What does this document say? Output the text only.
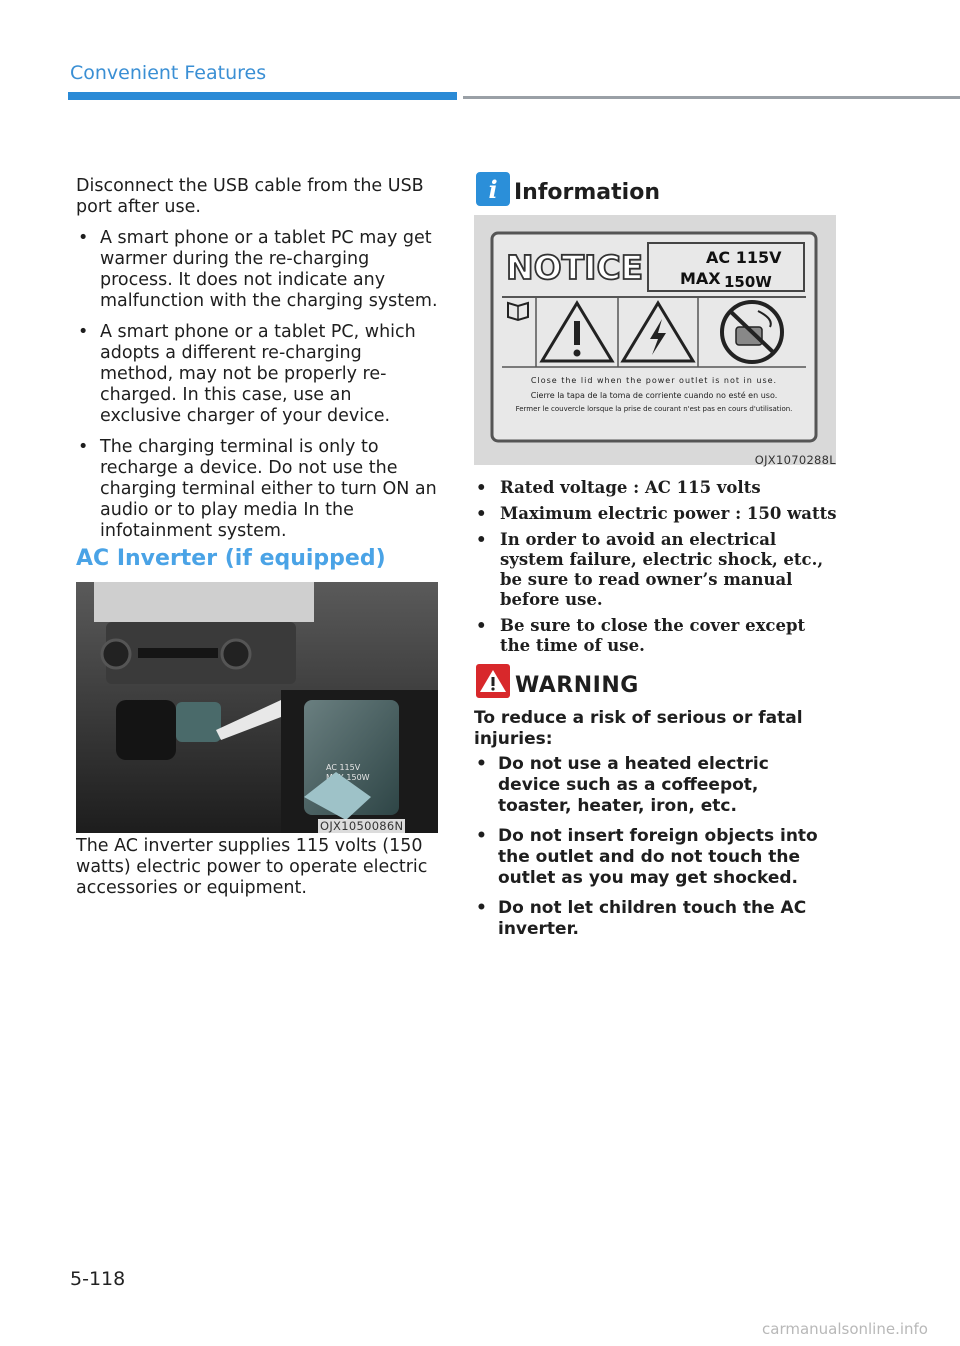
Convenient Features
Disconnect the USB cable from the USB port after use.
• A smart phone or a tablet PC may get warmer during the re-charging process. It does not indicate any malfunction with the charging system.
• A smart phone or a tablet PC, which adopts a different re-charging method, may not be properly re-charged. In this case, use an exclusive charger of your device.
• The charging terminal is only to recharge a device. Do not use the charging terminal either to turn ON an audio or to play media In the infotainment system.
AC Inverter (if equipped)
AC 115V
MAX 150W
OJX1050086N
The AC inverter supplies 115 volts (150 watts) electric power to operate electric accessories or equipment.
i Information
NOTICE	AC 115V
MAX 150W
Close the lid when the power outlet is not in use.
Cierre la tapa de la toma de corriente cuando no esté en uso.
Fermer le couvercle lorsque la prise de courant n'est pas en cours d'utilisation.
OJX1070288L
• Rated voltage : AC 115 volts
• Maximum electric power : 150 watts
• In order to avoid an electrical system failure, electric shock, etc., be sure to read owner’s manual before use.
• Be sure to close the cover except the time of use.
WARNING
To reduce a risk of serious or fatal injuries:
• Do not use a heated electric device such as a coffeepot, toaster, heater, iron, etc.
• Do not insert foreign objects into the outlet and do not touch the outlet as you may get shocked.
• Do not let children touch the AC inverter.
5-118
carmanualsonline.info
